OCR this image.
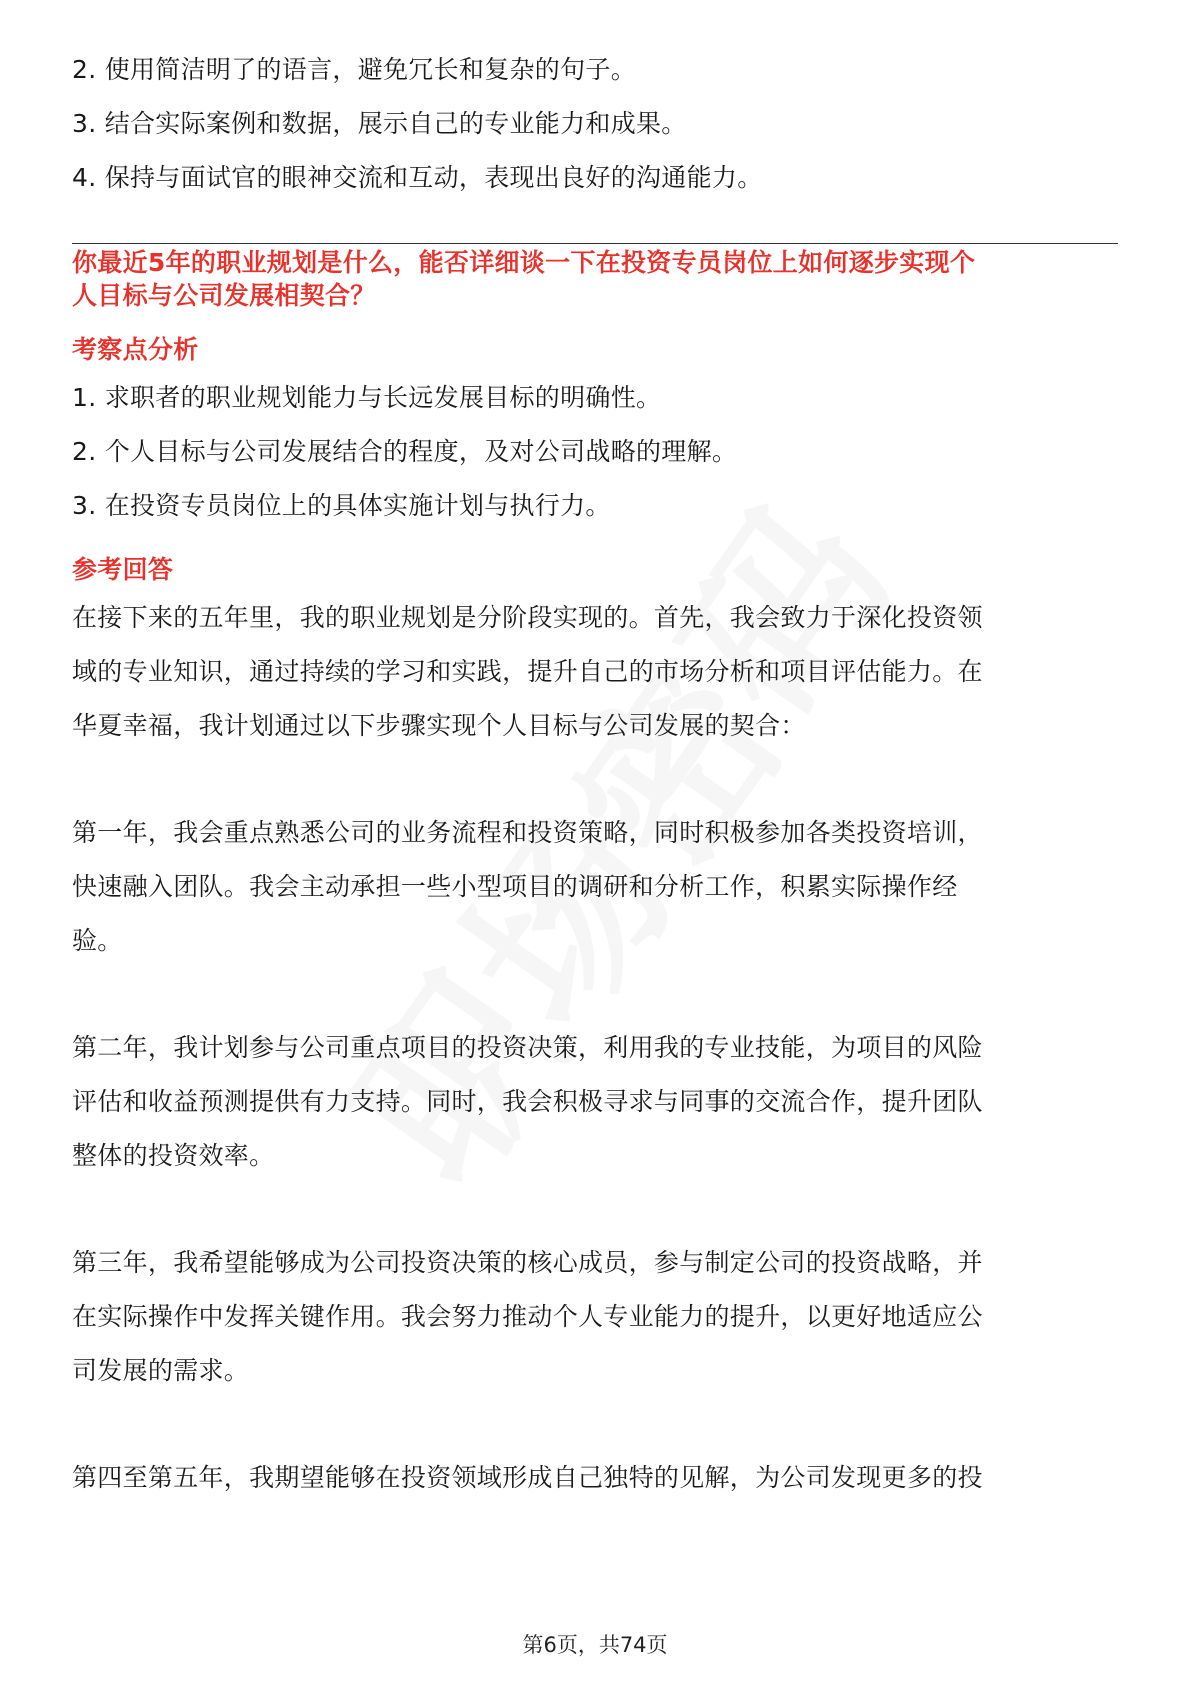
2. 使用简洁明了的语言，避免冗长和复杂的句子。
3. 结合实际案例和数据，展示自己的专业能力和成果。
4. 保持与面试官的眼神交流和互动，表现出良好的沟通能力。
你最近5年的职业规划是什么，能否详细谈一下在投资专员岗位上如何逐步实现个
人目标与公司发展相契合？
考察点分析
1. 求职者的职业规划能力与长远发展目标的明确性。
2. 个人目标与公司发展结合的程度，及对公司战略的理解。
3. 在投资专员岗位上的具体实施计划与执行力。
参考回答
在接下来的五年里，我的职业规划是分阶段实现的。首先，我会致力于深化投资领
域的专业知识，通过持续的学习和实践，提升自己的市场分析和项目评估能力。在
华夏幸福，我计划通过以下步骤实现个人目标与公司发展的契合：
第一年，我会重点熟悉公司的业务流程和投资策略，同时积极参加各类投资培训，
快速融入团队。我会主动承担一些小型项目的调研和分析工作，积累实际操作经
验。
第二年，我计划参与公司重点项目的投资决策，利用我的专业技能，为项目的风险
评估和收益预测提供有力支持。同时，我会积极寻求与同事的交流合作，提升团队
整体的投资效率。
第三年，我希望能够成为公司投资决策的核心成员，参与制定公司的投资战略，并
在实际操作中发挥关键作用。我会努力推动个人专业能力的提升，以更好地适应公
司发展的需求。
第四至第五年，我期望能够在投资领域形成自己独特的见解，为公司发现更多的投
第6页，共74页
